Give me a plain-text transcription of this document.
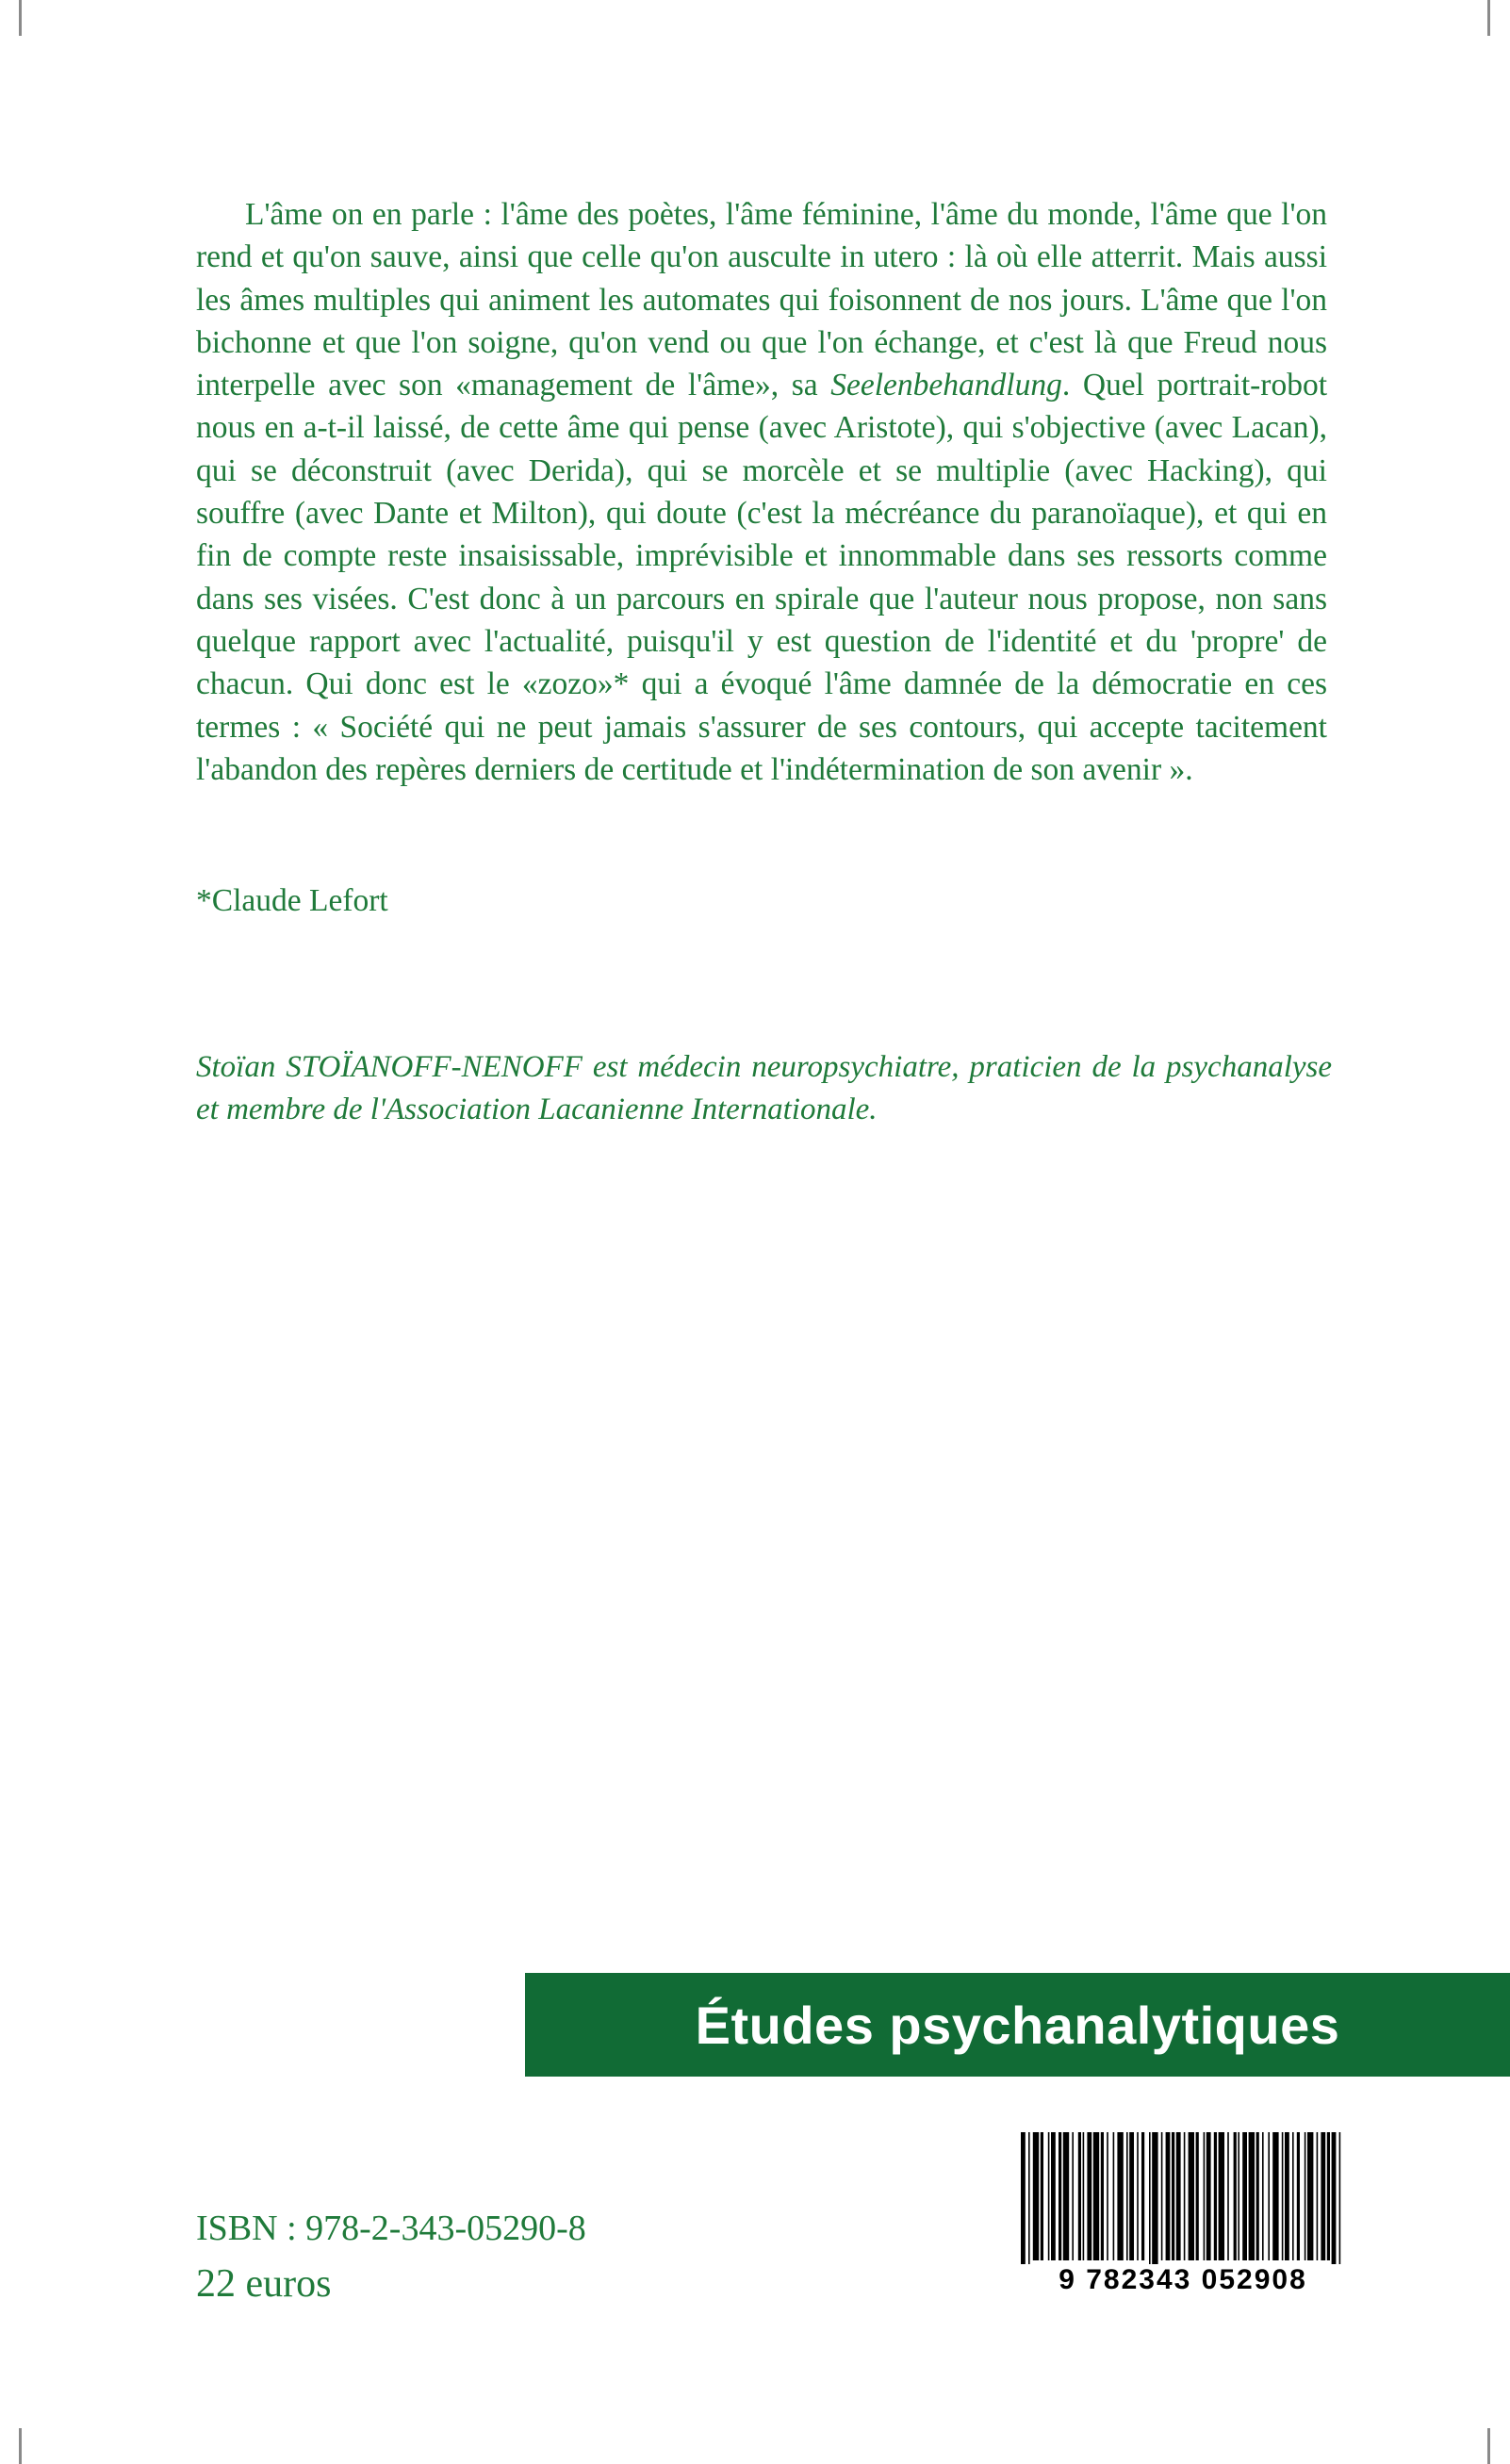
L'âme on en parle : l'âme des poètes, l'âme féminine, l'âme du monde, l'âme que l'on rend et qu'on sauve, ainsi que celle qu'on ausculte in utero : là où elle atterrit. Mais aussi les âmes multiples qui animent les automates qui foisonnent de nos jours. L'âme que l'on bichonne et que l'on soigne, qu'on vend ou que l'on échange, et c'est là que Freud nous interpelle avec son «management de l'âme», sa Seelenbehandlung. Quel portrait-robot nous en a-t-il laissé, de cette âme qui pense (avec Aristote), qui s'objective (avec Lacan), qui se déconstruit (avec Derida), qui se morcèle et se multiplie (avec Hacking), qui souffre (avec Dante et Milton), qui doute (c'est la mécréance du paranoïaque), et qui en fin de compte reste insaisissable, imprévisible et innommable dans ses ressorts comme dans ses visées. C'est donc à un parcours en spirale que l'auteur nous propose, non sans quelque rapport avec l'actualité, puisqu'il y est question de l'identité et du 'propre' de chacun. Qui donc est le «zozo»* qui a évoqué l'âme damnée de la démocratie en ces termes : « Société qui ne peut jamais s'assurer de ses contours, qui accepte tacitement l'abandon des repères derniers de certitude et l'indétermination de son avenir ».

*Claude Lefort

Stoïan STOÏANOFF-NENOFF est médecin neuropsychiatre, praticien de la psychanalyse et membre de l'Association Lacanienne Internationale.

Études psychanalytiques
ISBN : 978-2-343-05290-8
22 euros	9 782343 052908
